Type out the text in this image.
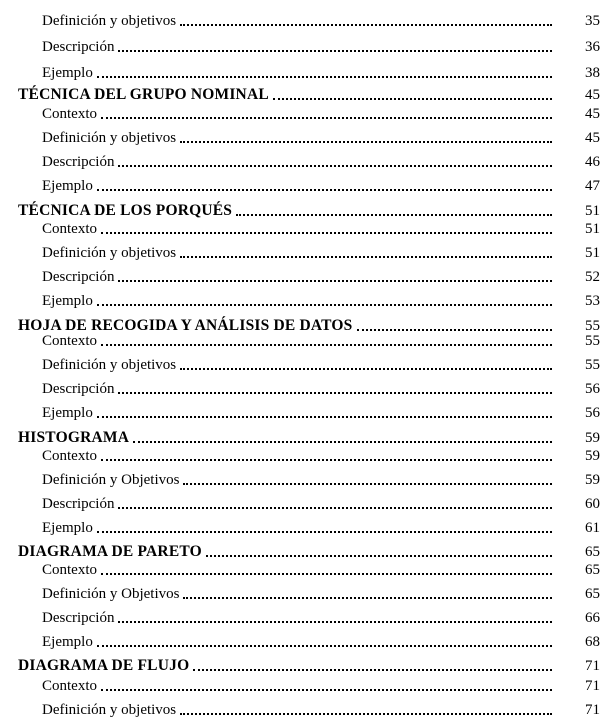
Definición y objetivos	35
Descripción	36
Ejemplo	38
TÉCNICA DEL GRUPO NOMINAL	45
Contexto	45
Definición y objetivos	45
Descripción	46
Ejemplo	47
TÉCNICA DE LOS PORQUÉS	51
Contexto	51
Definición y objetivos	51
Descripción	52
Ejemplo	53
HOJA DE RECOGIDA Y ANÁLISIS DE DATOS	55
Contexto	55
Definición y objetivos	55
Descripción	56
Ejemplo	56
HISTOGRAMA	59
Contexto	59
Definición y Objetivos	59
Descripción	60
Ejemplo	61
DIAGRAMA DE PARETO	65
Contexto	65
Definición y Objetivos	65
Descripción	66
Ejemplo	68
DIAGRAMA DE FLUJO	71
Contexto	71
Definición y objetivos	71
